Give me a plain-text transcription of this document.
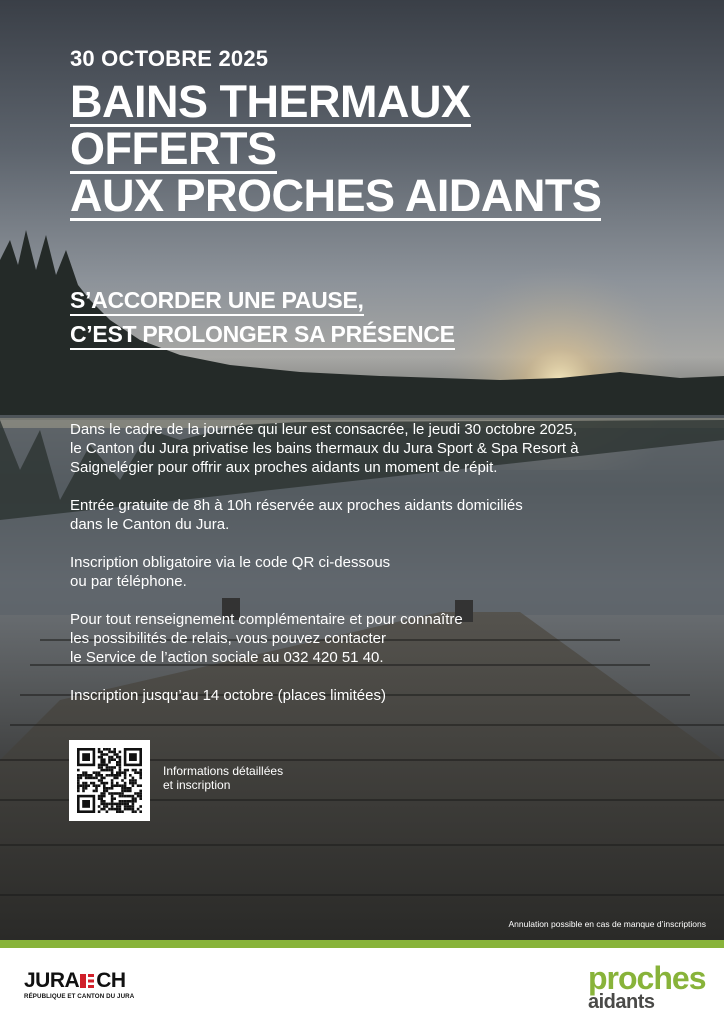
30 OCTOBRE 2025

BAINS THERMAUX
OFFERTS
AUX PROCHES AIDANTS
S’ACCORDER UNE PAUSE,
C’EST PROLONGER SA PRÉSENCE

Dans le cadre de la journée qui leur est consacrée, le jeudi 30 octobre 2025,
le Canton du Jura privatise les bains thermaux du Jura Sport & Spa Resort à
Saignelégier pour offrir aux proches aidants un moment de répit.

Entrée gratuite de 8h à 10h réservée aux proches aidants domiciliés
dans le Canton du Jura.

Inscription obligatoire via le code QR ci-dessous
ou par téléphone.

Pour tout renseignement complémentaire et pour connaître
les possibilités de relais, vous pouvez contacter
le Service de l’action sociale au 032 420 51 40.

Inscription jusqu’au 14 octobre (places limitées)

Informations détaillées
et inscription
Annulation possible en cas de manque d’inscriptions
JURA CH
RÉPUBLIQUE ET CANTON DU JURA
proches
aidants
